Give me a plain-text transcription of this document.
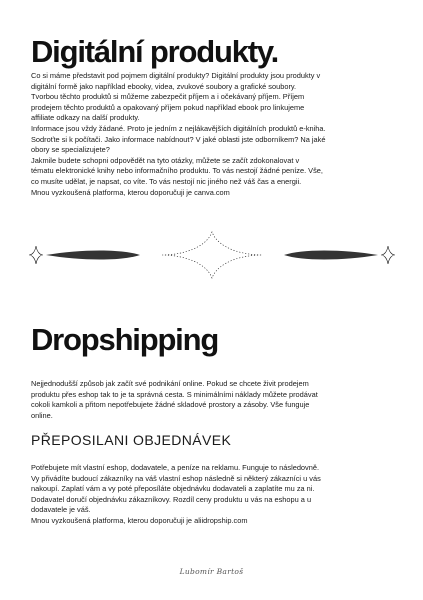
Digitální produkty.
Co si máme představit pod pojmem digitální produkty? Digitální produkty jsou produkty v
digitální formě jako například ebooky, videa, zvukové soubory a grafické soubory.
Tvorbou těchto produktů si můžeme zabezpečit příjem a i očekávaný příjem. Příjem
prodejem těchto produktů a opakovaný příjem pokud například ebook pro linkujeme
affiliate odkazy na další produkty.
Informace jsou vždy žádané. Proto je jedním z nejlákavějších digitálních produktů e-kniha.
Sodroťte si k počítači. Jako informace nabídnout? V jaké oblasti jste odborníkem? Na jaké
obory se specializujete?
Jakmile budete schopni odpovědět na tyto otázky, můžete se začít zdokonalovat v
tématu elektronické knihy nebo informačního produktu. To vás nestojí žádné peníze. Vše,
co musíte udělat, je napsat, co víte. To vás nestojí nic jiného než váš čas a energii.
Mnou vyzkoušená platforma, kterou doporučuji je canva.com
Dropshipping
Nejjednodušší způsob jak začít své podnikání online. Pokud se chcete živit prodejem
produktu přes eshop tak to je ta správná cesta. S minimálními náklady můžete prodávat
cokoli kamkoli a přitom nepotřebujete žádné skladové prostory a zásoby. Vše funguje
online.
PŘEPOSILANI OBJEDNÁVEK
Potřebujete mít vlastní eshop, dodavatele, a peníze na reklamu. Funguje to následovně.
Vy přivádíte budoucí zákazníky na váš vlastní eshop následně si některý zákazníci u vás
nakoupí. Zaplatí vám a vy poté přeposíláte objednávku dodavateli a zaplatíte mu za ni.
Dodavatel doručí objednávku zákazníkovy. Rozdíl ceny produktu u vás na eshopu a u
dodavatele je váš.
Mnou vyzkoušená platforma, kterou doporučuji je aliidropship.com
Lubomír Bartoš
